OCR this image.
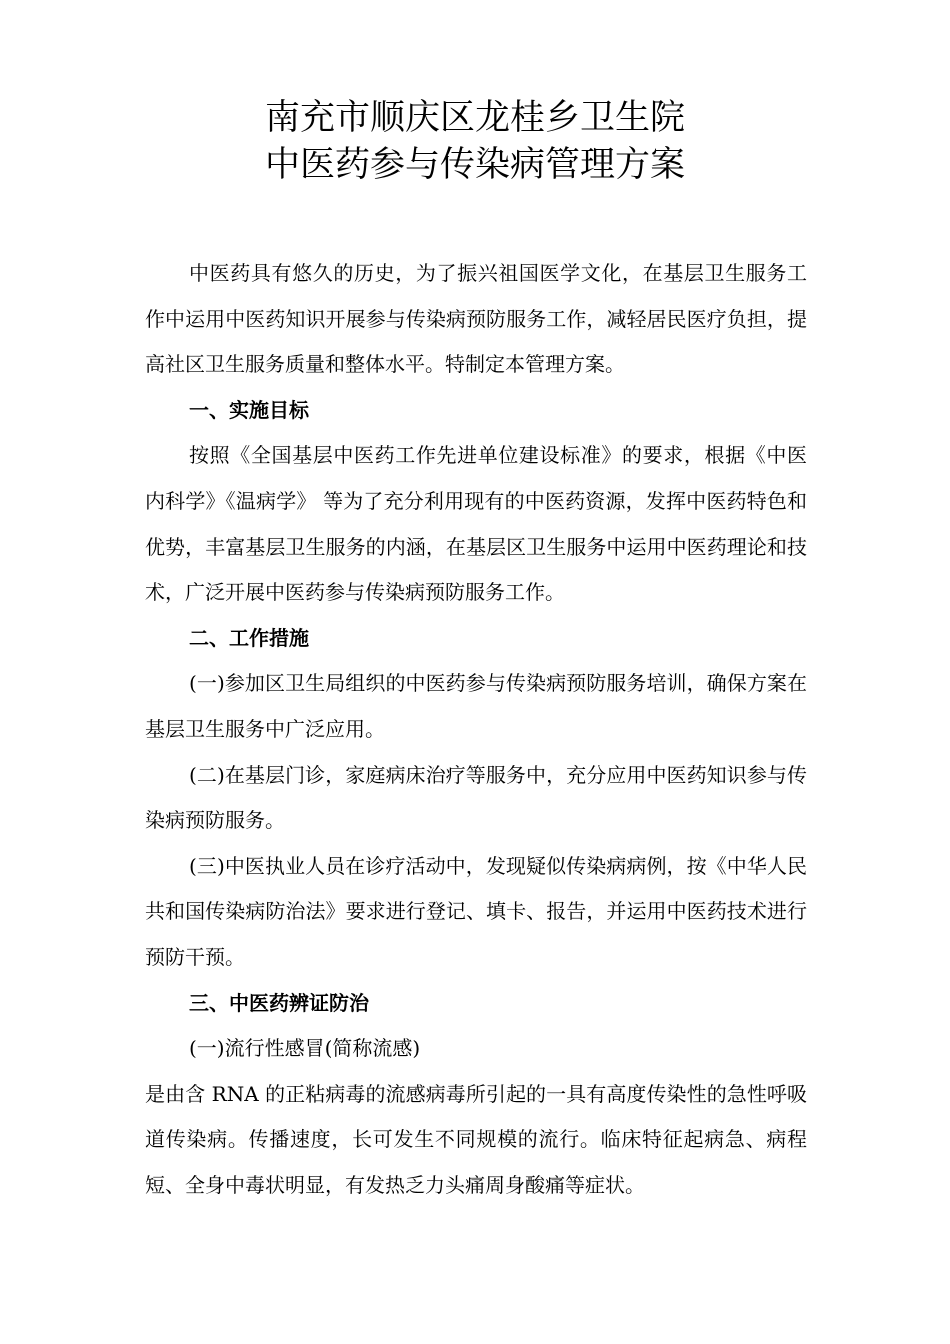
南充市顺庆区龙桂乡卫生院
中医药参与传染病管理方案

中医药具有悠久的历史，为了振兴祖国医学文化，在基层卫生服务工作中运用中医药知识开展参与传染病预防服务工作，减轻居民医疗负担，提高社区卫生服务质量和整体水平。特制定本管理方案。

一、实施目标

按照《全国基层中医药工作先进单位建设标准》的要求，根据《中医内科学》《温病学》 等为了充分利用现有的中医药资源，发挥中医药特色和优势，丰富基层卫生服务的内涵，在基层区卫生服务中运用中医药理论和技术，广泛开展中医药参与传染病预防服务工作。

二、工作措施

(一)参加区卫生局组织的中医药参与传染病预防服务培训，确保方案在基层卫生服务中广泛应用。

(二)在基层门诊，家庭病床治疗等服务中，充分应用中医药知识参与传染病预防服务。

(三)中医执业人员在诊疗活动中，发现疑似传染病病例，按《中华人民共和国传染病防治法》要求进行登记、填卡、报告，并运用中医药技术进行预防干预。

三、中医药辨证防治

(一)流行性感冒(简称流感)

是由含 RNA 的正粘病毒的流感病毒所引起的一具有高度传染性的急性呼吸道传染病。传播速度，长可发生不同规模的流行。临床特征起病急、病程短、全身中毒状明显，有发热乏力头痛周身酸痛等症状。
